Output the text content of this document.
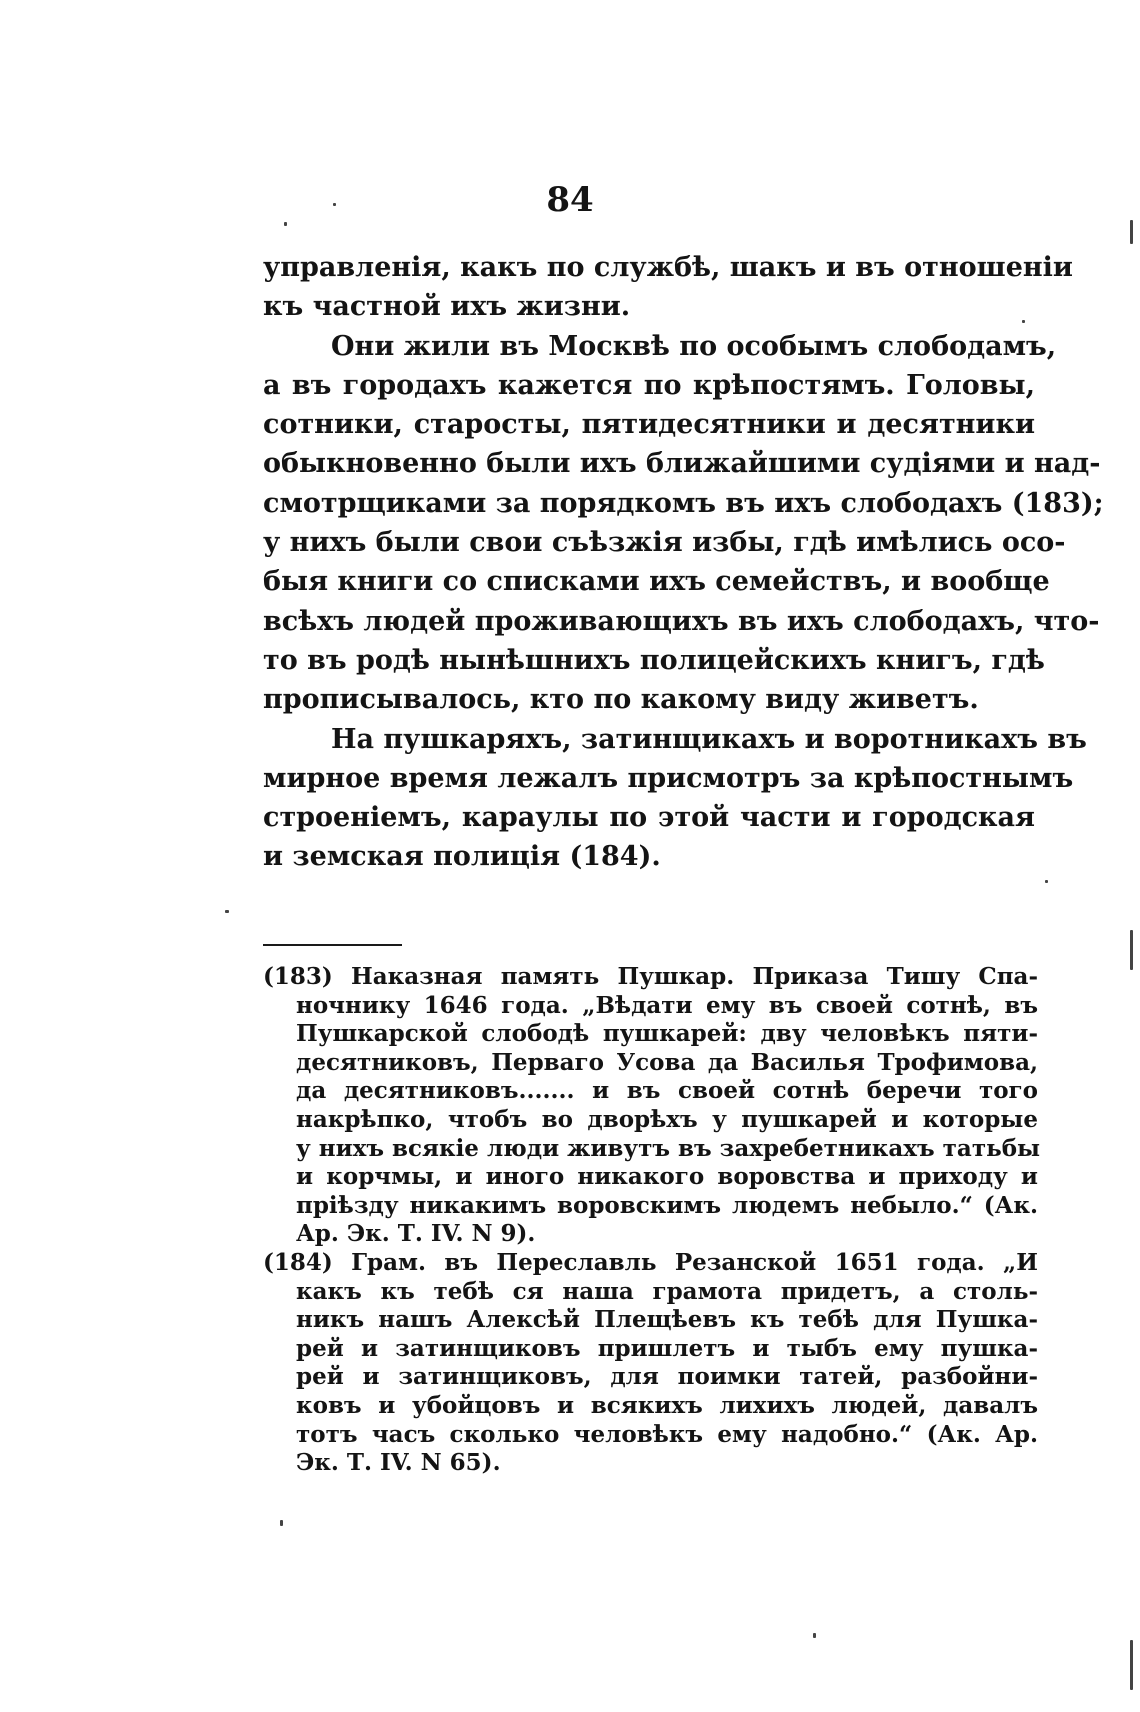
84
управленія, какъ по службѣ, шакъ и въ отношеніи
къ частной ихъ жизни.
Они жили въ Москвѣ по особымъ слободамъ,
а въ городахъ кажется по крѣпостямъ. Головы,
сотники, старосты, пятидесятники и десятники
обыкновенно были ихъ ближайшими судіями и над-
смотрщиками за порядкомъ въ ихъ слободахъ (183);
у нихъ были свои съѣзжія избы, гдѣ имѣлись осо-
быя книги со списками ихъ семействъ, и вообще
всѣхъ людей проживающихъ въ ихъ слободахъ, что-
то въ родѣ нынѣшнихъ полицейскихъ книгъ, гдѣ
прописывалось, кто по какому виду живетъ.
На пушкаряхъ, затинщикахъ и воротникахъ въ
мирное время лежалъ присмотръ за крѣпостнымъ
строеніемъ, караулы по этой части и городская
и земская полиція (184).
(183) Наказная память Пушкар. Приказа Тишу Спа-
ночнику 1646 года. „Вѣдати ему въ своей сотнѣ, въ
Пушкарской слободѣ пушкарей: дву человѣкъ пяти-
десятниковъ, Перваго Усова да Василья Трофимова,
да десятниковъ....... и въ своей сотнѣ беречи того
накрѣпко, чтобъ во дворѣхъ у пушкарей и которые
у нихъ всякіе люди живутъ въ захребетникахъ татьбы
и корчмы, и иного никакого воровства и приходу и
пріѣзду никакимъ воровскимъ людемъ небыло.“ (Ак.
Ар. Эк. Т. IV. N 9).
(184) Грам. въ Переславль Резанской 1651 года. „И
какъ къ тебѣ ся наша грамота придетъ, а столь-
никъ нашъ Алексѣй Плещѣевъ къ тебѣ для Пушка-
рей и затинщиковъ пришлетъ и тыбъ ему пушка-
рей и затинщиковъ, для поимки татей, разбойни-
ковъ и убойцовъ и всякихъ лихихъ людей, давалъ
тотъ часъ сколько человѣкъ ему надобно.“ (Ак. Ар.
Эк. Т. IV. N 65).
